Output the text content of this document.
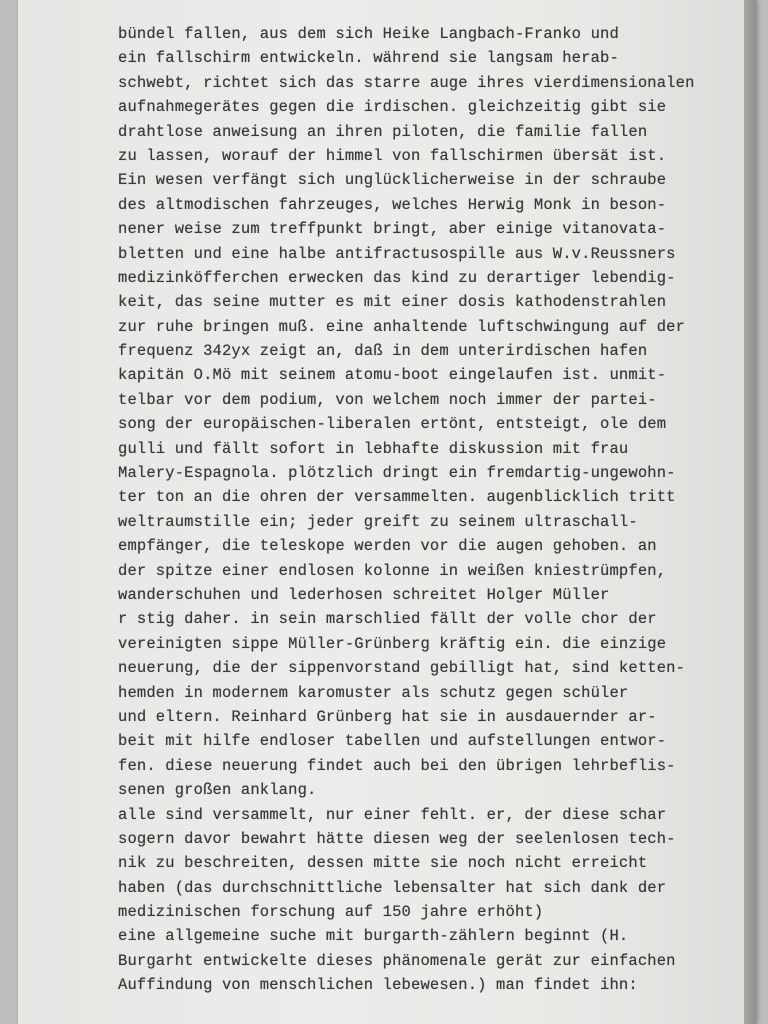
bündel fallen, aus dem sich Heike Langbach-Franko und
ein fallschirm entwickeln. während sie langsam herab-
schwebt, richtet sich das starre auge ihres vierdimensionalen
aufnahmegerätes gegen die irdischen. gleichzeitig gibt sie
drahtlose anweisung an ihren piloten, die familie fallen
zu lassen, worauf der himmel von fallschirmen übersät ist.
Ein wesen verfängt sich unglücklicherweise in der schraube
des altmodischen fahrzeuges, welches Herwig Monk in beson-
nener weise zum treffpunkt bringt, aber einige vitanovata-
bletten und eine halbe antifractusospille aus W.v.Reussners
medizinköfferchen erwecken das kind zu derartiger lebendig-
keit, das seine mutter es mit einer dosis kathodenstrahlen
zur ruhe bringen muß. eine anhaltende luftschwingung auf der
frequenz 342yx zeigt an, daß in dem unterirdischen hafen
kapitän O.Mö mit seinem atomu-boot eingelaufen ist. unmit-
telbar vor dem podium, von welchem noch immer der partei-
song der europäischen-liberalen ertönt, entsteigt, ole dem
gulli und fällt sofort in lebhafte diskussion mit frau
Malery-Espagnola. plötzlich dringt ein fremdartig-ungewohn-
ter ton an die ohren der versammelten. augenblicklich tritt
weltraumstille ein; jeder greift zu seinem ultraschall-
empfänger, die teleskope werden vor die augen gehoben. an
der spitze einer endlosen kolonne in weißen kniestrümpfen,
wanderschuhen und lederhosen schreitet Holger Müller
r stig daher. in sein marschlied fällt der volle chor der
vereinigten sippe Müller-Grünberg kräftig ein. die einzige
neuerung, die der sippenvorstand gebilligt hat, sind ketten-
hemden in modernem karomuster als schutz gegen schüler
und eltern. Reinhard Grünberg hat sie in ausdauernder ar-
beit mit hilfe endloser tabellen und aufstellungen entwor-
fen. diese neuerung findet auch bei den übrigen lehrbeflis-
senen großen anklang.
alle sind versammelt, nur einer fehlt. er, der diese schar
sogern davor bewahrt hätte diesen weg der seelenlosen tech-
nik zu beschreiten, dessen mitte sie noch nicht erreicht
haben (das durchschnittliche lebensalter hat sich dank der
medizinischen forschung auf 150 jahre erhöht)
eine allgemeine suche mit burgarth-zählern beginnt (H.
Burgarht entwickelte dieses phänomenale gerät zur einfachen
Auffindung von menschlichen lebewesen.) man findet ihn:
